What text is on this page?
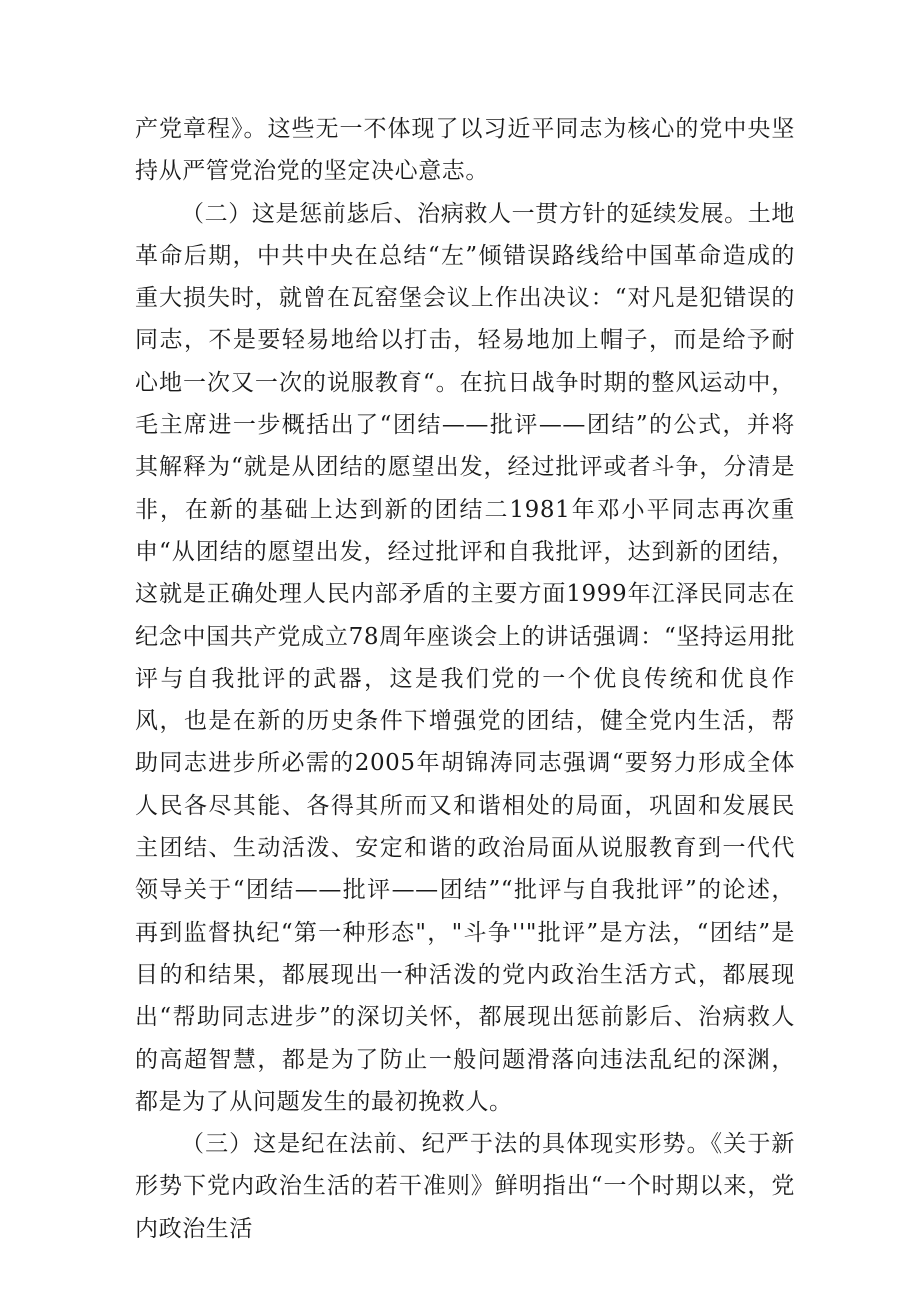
产党章程》。这些无一不体现了以习近平同志为核心的党中央坚持从严管党治党的坚定决心意志。

（二）这是惩前毖后、治病救人一贯方针的延续发展。土地革命后期，中共中央在总结“左”倾错误路线给中国革命造成的重大损失时，就曾在瓦窑堡会议上作出决议：“对凡是犯错误的同志，不是要轻易地给以打击，轻易地加上帽子，而是给予耐心地一次又一次的说服教育“。在抗日战争时期的整风运动中，毛主席进一步概括出了“团结——批评——团结”的公式，并将其解释为“就是从团结的愿望出发，经过批评或者斗争，分清是非，在新的基础上达到新的团结二1981年邓小平同志再次重申“从团结的愿望出发，经过批评和自我批评，达到新的团结，这就是正确处理人民内部矛盾的主要方面1999年江泽民同志在纪念中国共产党成立78周年座谈会上的讲话强调：“坚持运用批评与自我批评的武器，这是我们党的一个优良传统和优良作风，也是在新的历史条件下增强党的团结，健全党内生活，帮助同志进步所必需的2005年胡锦涛同志强调“要努力形成全体人民各尽其能、各得其所而又和谐相处的局面，巩固和发展民主团结、生动活泼、安定和谐的政治局面从说服教育到一代代领导关于“团结——批评——团结”“批评与自我批评”的论述，再到监督执纪“第一种形态"，"斗争''"批评”是方法，“团结”是目的和结果，都展现出一种活泼的党内政治生活方式，都展现出“帮助同志进步”的深切关怀，都展现出惩前影后、治病救人的高超智慧，都是为了防止一般问题滑落向违法乱纪的深渊，都是为了从问题发生的最初挽救人。

（三）这是纪在法前、纪严于法的具体现实形势。《关于新形势下党内政治生活的若干准则》鲜明指出“一个时期以来，党内政治生活
